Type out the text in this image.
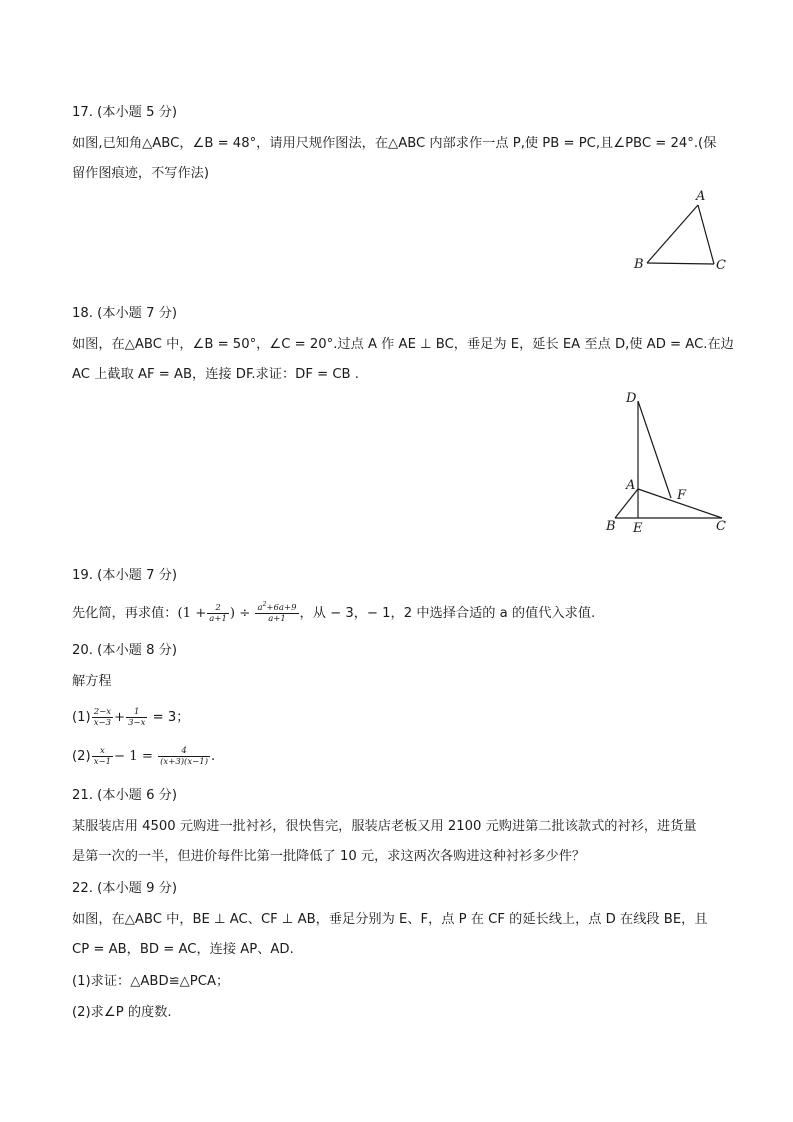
17. (本小题 5 分)
如图,已知角△ABC，∠B = 48°，请用尺规作图法，在△ABC 内部求作一点 P,使 PB = PC,且∠PBC = 24°.(保
留作图痕迹，不写作法)
A
B	C
18. (本小题 7 分)
如图，在△ABC 中，∠B = 50°，∠C = 20°.过点 A 作 AE ⊥ BC，垂足为 E，延长 EA 至点 D,使 AD = AC.在边
AC 上截取 AF = AB，连接 DF.求证：DF = CB .
D
A
F
B E	C
19. (本小题 7 分)
先化简，再求值：($1 + \frac{2}{a+1}$ ) ÷ $\frac{a^2+6a+9}{a+1}$ ，从 − 3，− 1，2 中选择合适的 a 的值代入求值.
20. (本小题 8 分)
解方程
$(1) \frac{2-x}{x-3} + \frac{1}{3-x} = 3$；
$(2) \frac{x}{x-1} - 1 = \frac{4}{(x+3)(x-1)}$ .
21. (本小题 6 分)
某服装店用 4500 元购进一批衬衫，很快售完，服装店老板又用 2100 元购进第二批该款式的衬衫，进货量
是第一次的一半，但进价每件比第一批降低了 10 元，求这两次各购进这种衬衫多少件？
22. (本小题 9 分)
如图，在△ABC 中，BE ⊥ AC、CF ⊥ AB，垂足分别为 E、F，点 P 在 CF 的延长线上，点 D 在线段 BE，且
CP = AB，BD = AC，连接 AP、AD.
(1)求证：△ABD≌△PCA；
(2)求∠P 的度数.
